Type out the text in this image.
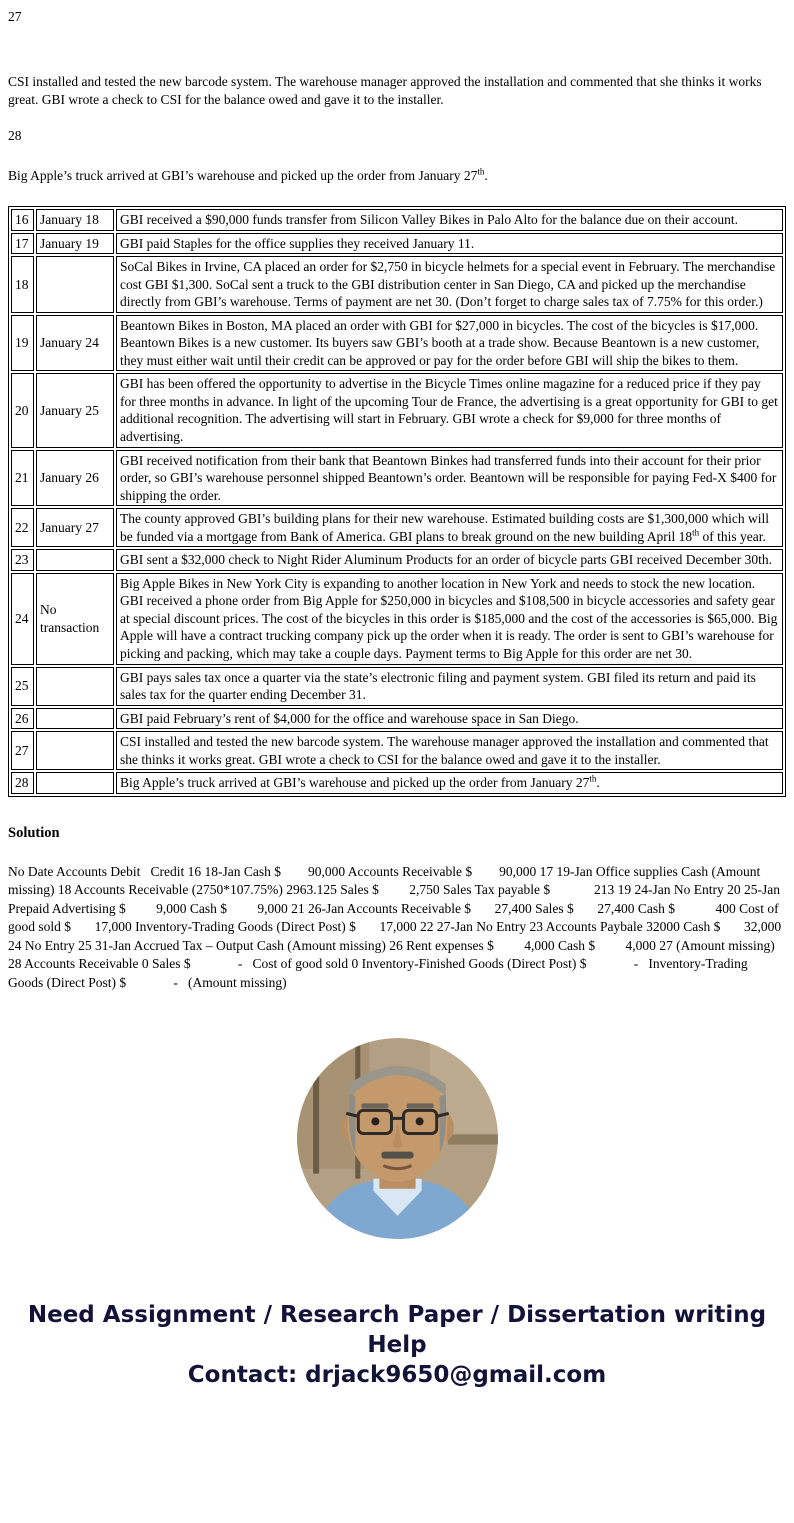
27

CSI installed and tested the new barcode system. The warehouse manager approved the installation and commented that she thinks it works great. GBI wrote a check to CSI for the balance owed and gave it to the installer.

28

Big Apple’s truck arrived at GBI’s warehouse and picked up the order from January 27th.

16	January 18	GBI received a $90,000 funds transfer from Silicon Valley Bikes in Palo Alto for the balance due on their account.
17	January 19	GBI paid Staples for the office supplies they received January 11.
18		SoCal Bikes in Irvine, CA placed an order for $2,750 in bicycle helmets for a special event in February. The merchandise cost GBI $1,300. SoCal sent a truck to the GBI distribution center in San Diego, CA and picked up the merchandise directly from GBI’s warehouse. Terms of payment are net 30. (Don’t forget to charge sales tax of 7.75% for this order.)
19	January 24	Beantown Bikes in Boston, MA placed an order with GBI for $27,000 in bicycles. The cost of the bicycles is $17,000. Beantown Bikes is a new customer. Its buyers saw GBI’s booth at a trade show. Because Beantown is a new customer, they must either wait until their credit can be approved or pay for the order before GBI will ship the bikes to them.
20	January 25	GBI has been offered the opportunity to advertise in the Bicycle Times online magazine for a reduced price if they pay for three months in advance. In light of the upcoming Tour de France, the advertising is a great opportunity for GBI to get additional recognition. The advertising will start in February. GBI wrote a check for $9,000 for three months of advertising.
21	January 26	GBI received notification from their bank that Beantown Binkes had transferred funds into their account for their prior order, so GBI’s warehouse personnel shipped Beantown’s order. Beantown will be responsible for paying Fed-X $400 for shipping the order.
22	January 27	The county approved GBI’s building plans for their new warehouse. Estimated building costs are $1,300,000 which will be funded via a mortgage from Bank of America. GBI plans to break ground on the new building April 18th of this year.
23		GBI sent a $32,000 check to Night Rider Aluminum Products for an order of bicycle parts GBI received December 30th.
24	No transaction	Big Apple Bikes in New York City is expanding to another location in New York and needs to stock the new location. GBI received a phone order from Big Apple for $250,000 in bicycles and $108,500 in bicycle accessories and safety gear at special discount prices. The cost of the bicycles in this order is $185,000 and the cost of the accessories is $65,000. Big Apple will have a contract trucking company pick up the order when it is ready. The order is sent to GBI’s warehouse for picking and packing, which may take a couple days. Payment terms to Big Apple for this order are net 30.
25		GBI pays sales tax once a quarter via the state’s electronic filing and payment system. GBI filed its return and paid its sales tax for the quarter ending December 31.
26		GBI paid February’s rent of $4,000 for the office and warehouse space in San Diego.
27		CSI installed and tested the new barcode system. The warehouse manager approved the installation and commented that she thinks it works great. GBI wrote a check to CSI for the balance owed and gave it to the installer.
28		Big Apple’s truck arrived at GBI’s warehouse and picked up the order from January 27th.
Solution

No Date Accounts Debit   Credit 16 18-Jan Cash $        90,000 Accounts Receivable $        90,000 17 19-Jan Office supplies Cash (Amount missing) 18 Accounts Receivable (2750*107.75%) 2963.125 Sales $         2,750 Sales Tax payable $             213 19 24-Jan No Entry 20 25-Jan Prepaid Advertising $         9,000 Cash $         9,000 21 26-Jan Accounts Receivable $       27,400 Sales $       27,400 Cash $            400 Cost of good sold $       17,000 Inventory-Trading Goods (Direct Post) $       17,000 22 27-Jan No Entry 23 Accounts Paybale 32000 Cash $       32,000 24 No Entry 25 31-Jan Accrued Tax – Output Cash (Amount missing) 26 Rent expenses $         4,000 Cash $         4,000 27 (Amount missing) 28 Accounts Receivable 0 Sales $              -   Cost of good sold 0 Inventory-Finished Goods (Direct Post) $              -   Inventory-Trading Goods (Direct Post) $              -   (Amount missing)

Need Assignment / Research Paper / Dissertation writing Help
Contact: drjack9650@gmail.com
